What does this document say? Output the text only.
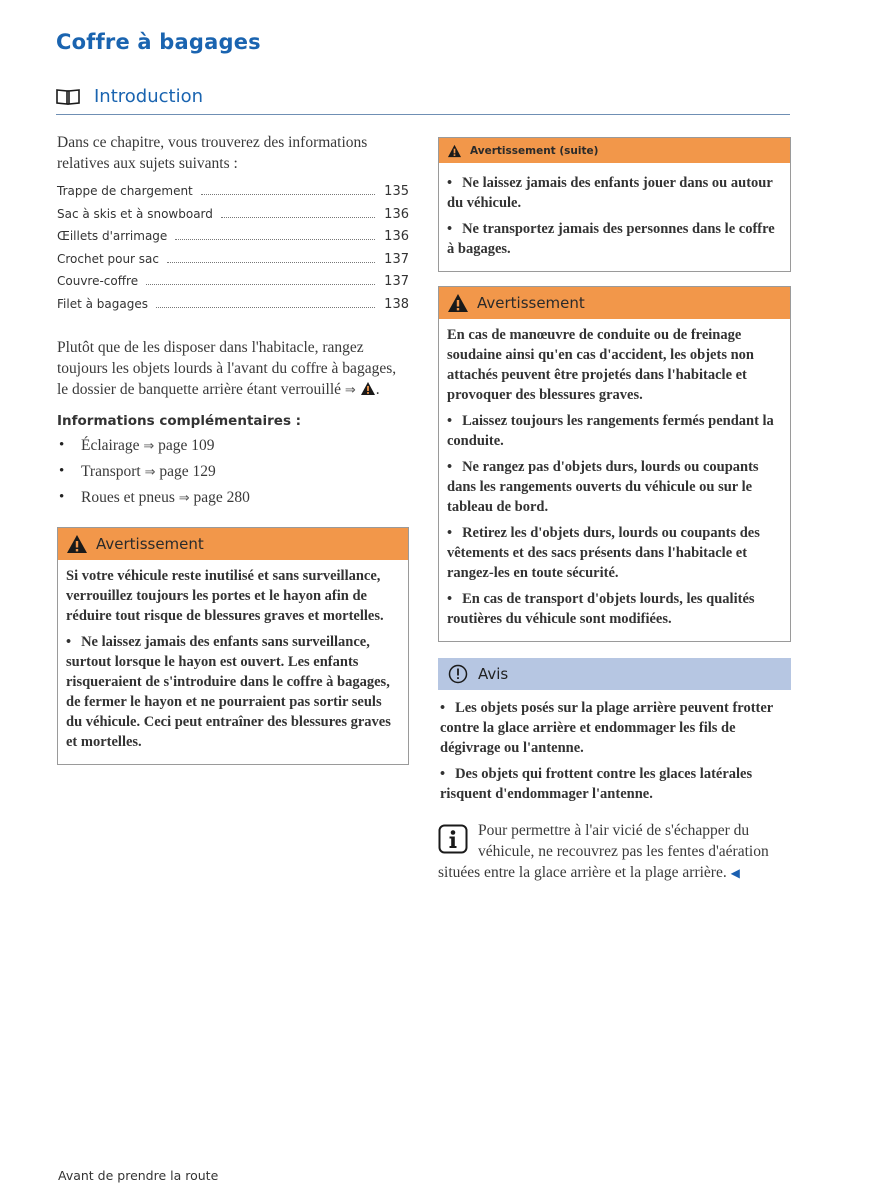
Coffre à bagages
Introduction

Dans ce chapitre, vous trouverez des informations relatives aux sujets suivants :

Trappe de chargement	135
Sac à skis et à snowboard	136
Œillets d'arrimage	136
Crochet pour sac	137
Couvre-coffre	137
Filet à bagages	138

Plutôt que de les disposer dans l'habitacle, rangez toujours les objets lourds à l'avant du coffre à bagages, le dossier de banquette arrière étant verrouillé ⇒ .

Informations complémentaires :
• Éclairage ⇒ page 109
• Transport ⇒ page 129
• Roues et pneus ⇒ page 280
Avertissement

Si votre véhicule reste inutilisé et sans surveillance, verrouillez toujours les portes et le hayon afin de réduire tout risque de blessures graves et mortelles.

• Ne laissez jamais des enfants sans surveillance, surtout lorsque le hayon est ouvert. Les enfants risqueraient de s'introduire dans le coffre à bagages, de fermer le hayon et ne pourraient pas sortir seuls du véhicule. Ceci peut entraîner des blessures graves et mortelles.

Avertissement (suite)

• Ne laissez jamais des enfants jouer dans ou autour du véhicule.

• Ne transportez jamais des personnes dans le coffre à bagages.

Avertissement

En cas de manœuvre de conduite ou de freinage soudaine ainsi qu'en cas d'accident, les objets non attachés peuvent être projetés dans l'habitacle et provoquer des blessures graves.

• Laissez toujours les rangements fermés pendant la conduite.

• Ne rangez pas d'objets durs, lourds ou coupants dans les rangements ouverts du véhicule ou sur le tableau de bord.

• Retirez les d'objets durs, lourds ou coupants des vêtements et des sacs présents dans l'habitacle et rangez-les en toute sécurité.

• En cas de transport d'objets lourds, les qualités routières du véhicule sont modifiées.

Avis

• Les objets posés sur la plage arrière peuvent frotter contre la glace arrière et endommager les fils de dégivrage ou l'antenne.

• Des objets qui frottent contre les glaces latérales risquent d'endommager l'antenne.

Pour permettre à l'air vicié de s'échapper du véhicule, ne recouvrez pas les fentes d'aération situées entre la glace arrière et la plage arrière. ◀

Avant de prendre la route
